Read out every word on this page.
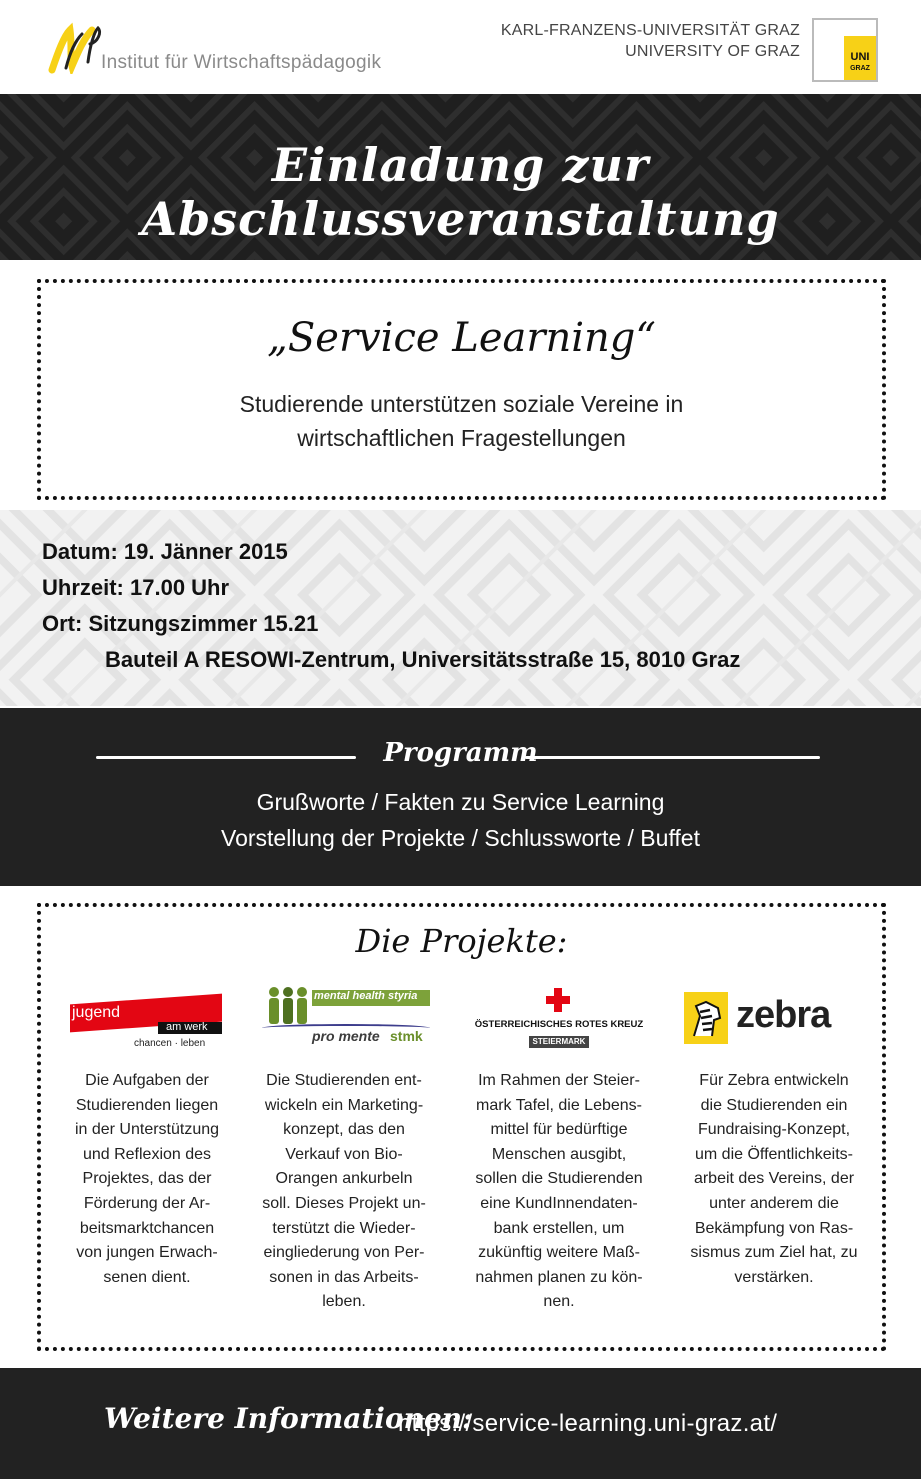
Institut für Wirtschaftspädagogik
KARL-FRANZENS-UNIVERSITÄT GRAZ
UNIVERSITY OF GRAZ	UNI
GRAZ
Einladung zur Abschlussveranstaltung
„Service Learning“
Studierende unterstützen soziale Vereine in
wirtschaftlichen Fragestellungen
Datum: 19. Jänner 2015
Uhrzeit: 17.00 Uhr
Ort: Sitzungszimmer 15.21
Bauteil A RESOWI-Zentrum, Universitätsstraße 15, 8010 Graz
Programm
Grußworte / Fakten zu Service Learning
Vorstellung der Projekte / Schlussworte / Buffet
Die Projekte:
jugend
am werk
chancen · leben
mental health styria
pro mente stmk
ÖSTERREICHISCHES ROTES KREUZ
STEIERMARK
zebra
Die Aufgaben der
Studierenden liegen
in der Unterstützung
und Reflexion des
Projektes, das der
Förderung der Ar-
beitsmarktchancen
von jungen Erwach-
senen dient.
Die Studierenden ent-
wickeln ein Marketing-
konzept, das den
Verkauf von Bio-
Orangen ankurbeln
soll. Dieses Projekt un-
terstützt die Wieder-
eingliederung von Per-
sonen in das Arbeits-
leben.
Im Rahmen der Steier-
mark Tafel, die Lebens-
mittel für bedürftige
Menschen ausgibt,
sollen die Studierenden
eine KundInnendaten-
bank erstellen, um
zukünftig weitere Maß-
nahmen planen zu kön-
nen.
Für Zebra entwickeln
die Studierenden ein
Fundraising-Konzept,
um die Öffentlichkeits-
arbeit des Vereins, der
unter anderem die
Bekämpfung von Ras-
sismus zum Ziel hat, zu
verstärken.
Weitere Informationen:
https://service-learning.uni-graz.at/
